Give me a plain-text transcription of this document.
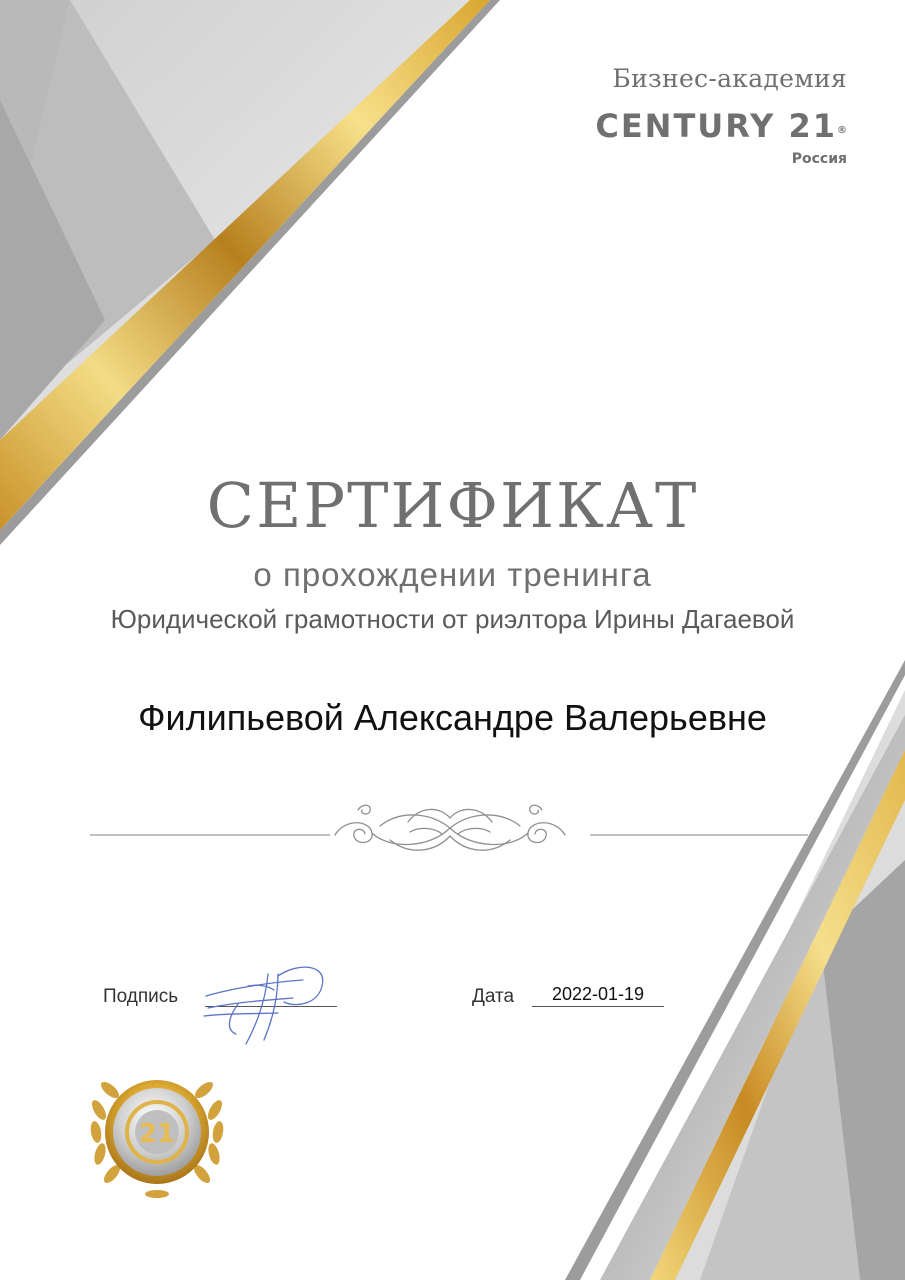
Бизнес-академия
CENTURY 21®
Россия
СЕРТИФИКАТ
о прохождении тренинга
Юридической грамотности от риэлтора Ирины Дагаевой
Филипьевой Александре Валерьевне
Подпись	Дата	2022-01-19
21
